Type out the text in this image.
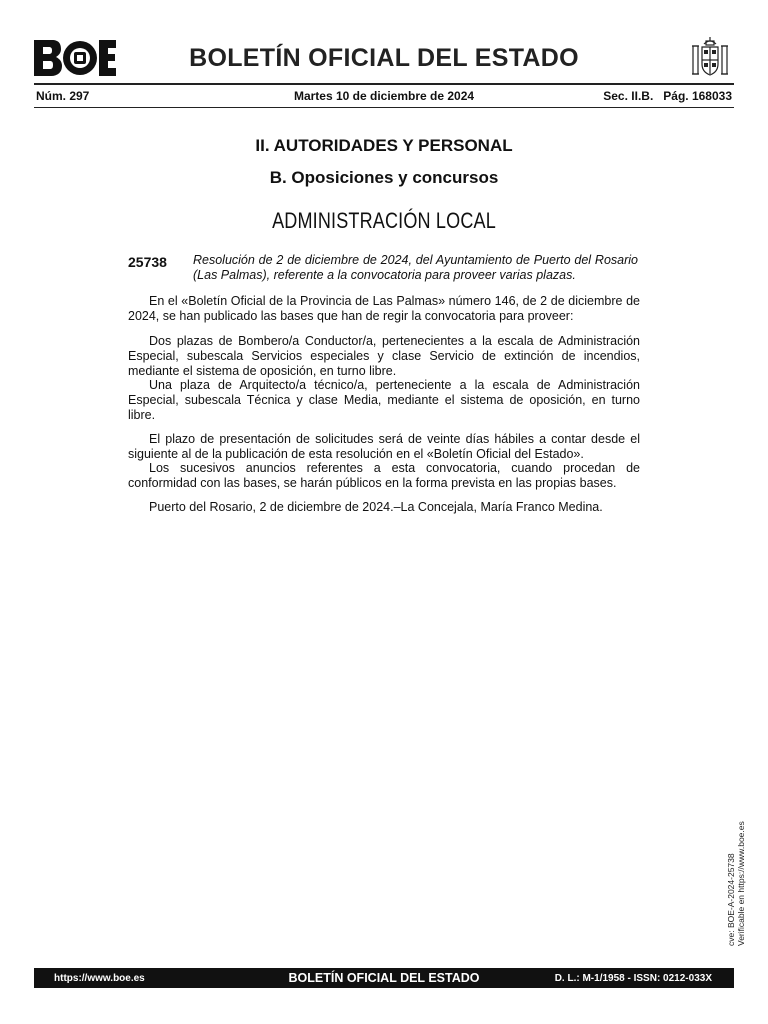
BOLETÍN OFICIAL DEL ESTADO
Núm. 297	Martes 10 de diciembre de 2024	Sec. II.B.   Pág. 168033
II. AUTORIDADES Y PERSONAL
B. Oposiciones y concursos
ADMINISTRACIÓN LOCAL
25738 Resolución de 2 de diciembre de 2024, del Ayuntamiento de Puerto del Rosario (Las Palmas), referente a la convocatoria para proveer varias plazas.

En el «Boletín Oficial de la Provincia de Las Palmas» número 146, de 2 de diciembre de 2024, se han publicado las bases que han de regir la convocatoria para proveer:

Dos plazas de Bombero/a Conductor/a, pertenecientes a la escala de Administración Especial, subescala Servicios especiales y clase Servicio de extinción de incendios, mediante el sistema de oposición, en turno libre.

Una plaza de Arquitecto/a técnico/a, perteneciente a la escala de Administración Especial, subescala Técnica y clase Media, mediante el sistema de oposición, en turno libre.

El plazo de presentación de solicitudes será de veinte días hábiles a contar desde el siguiente al de la publicación de esta resolución en el «Boletín Oficial del Estado».

Los sucesivos anuncios referentes a esta convocatoria, cuando procedan de conformidad con las bases, se harán públicos en la forma prevista en las propias bases.

Puerto del Rosario, 2 de diciembre de 2024.–La Concejala, María Franco Medina.

cve: BOE-A-2024-25738 Verificable en https://www.boe.es
https://www.boe.es	BOLETÍN OFICIAL DEL ESTADO	D. L.: M-1/1958 - ISSN: 0212-033X
